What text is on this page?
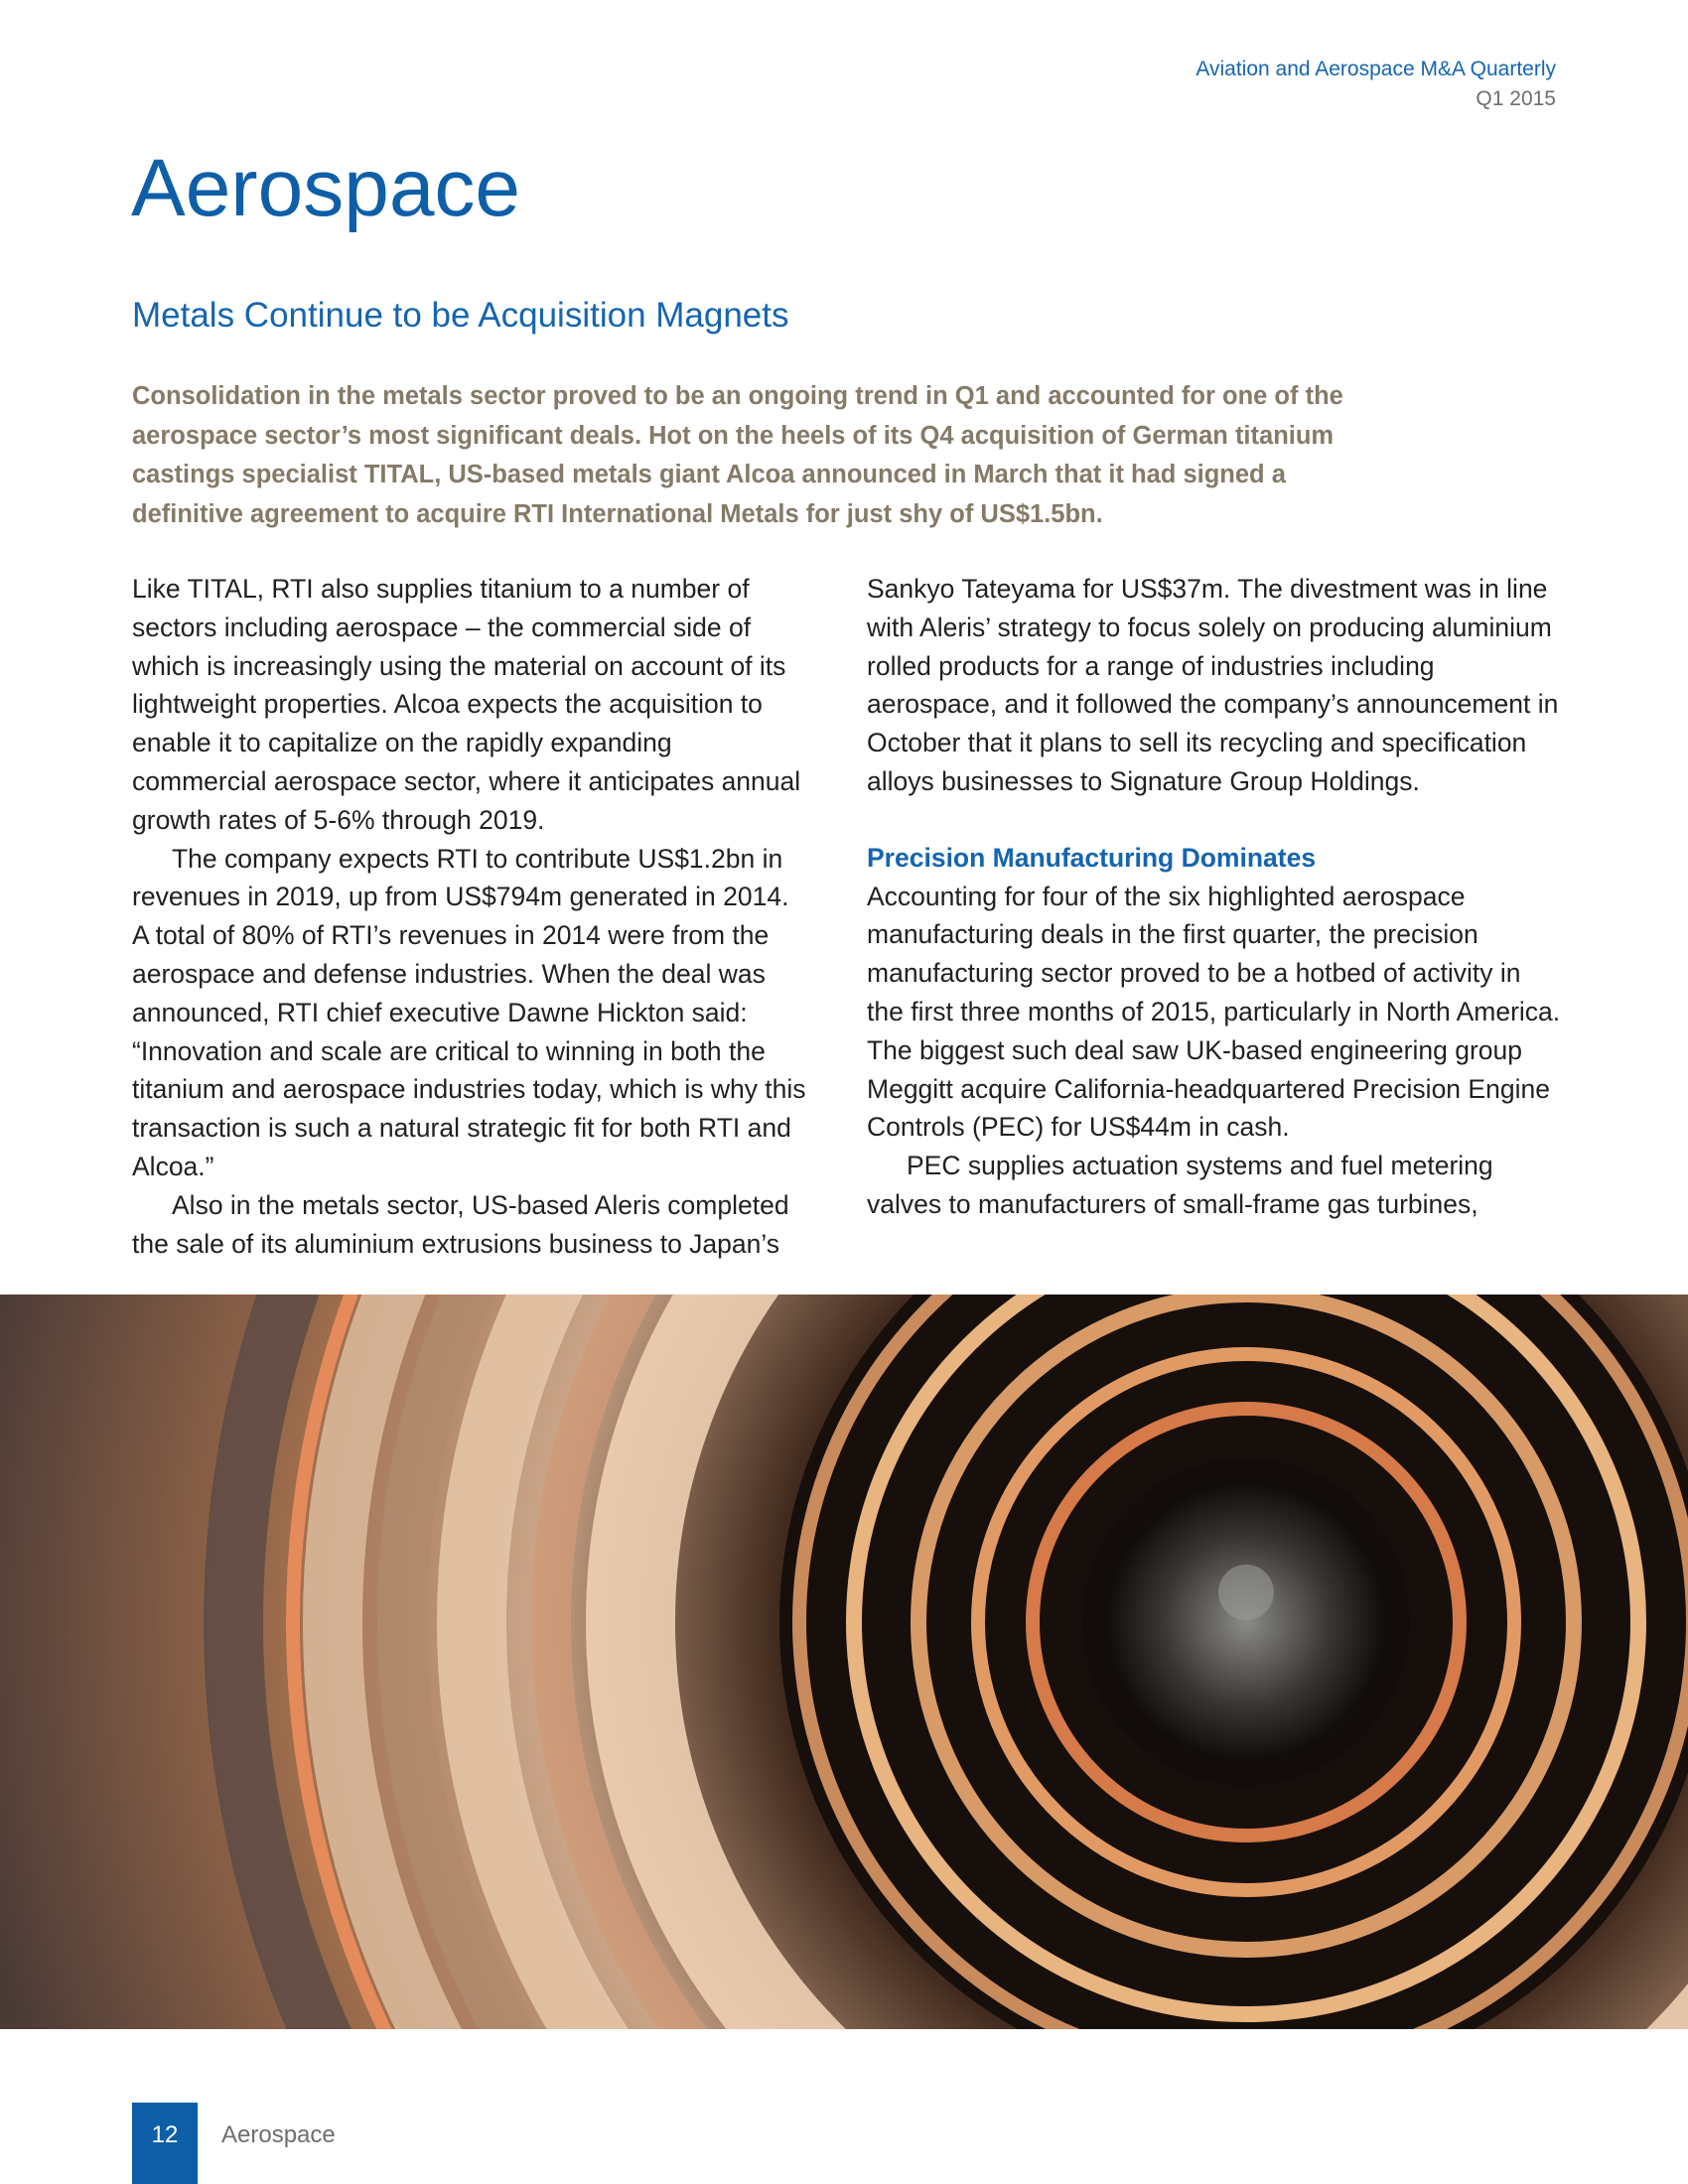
Aviation and Aerospace M&A Quarterly
Q1 2015
Aerospace
Metals Continue to be Acquisition Magnets

Consolidation in the metals sector proved to be an ongoing trend in Q1 and accounted for one of the aerospace sector’s most significant deals. Hot on the heels of its Q4 acquisition of German titanium castings specialist TITAL, US-based metals giant Alcoa announced in March that it had signed a definitive agreement to acquire RTI International Metals for just shy of US$1.5bn.

Like TITAL, RTI also supplies titanium to a number of sectors including aerospace – the commercial side of which is increasingly using the material on account of its lightweight properties. Alcoa expects the acquisition to enable it to capitalize on the rapidly expanding commercial aerospace sector, where it anticipates annual growth rates of 5-6% through 2019.

The company expects RTI to contribute US$1.2bn in revenues in 2019, up from US$794m generated in 2014. A total of 80% of RTI’s revenues in 2014 were from the aerospace and defense industries. When the deal was announced, RTI chief executive Dawne Hickton said: “Innovation and scale are critical to winning in both the titanium and aerospace industries today, which is why this transaction is such a natural strategic fit for both RTI and Alcoa.”

Also in the metals sector, US-based Aleris completed the sale of its aluminium extrusions business to Japan’s

Sankyo Tateyama for US$37m. The divestment was in line with Aleris’ strategy to focus solely on producing aluminium rolled products for a range of industries including aerospace, and it followed the company’s announcement in October that it plans to sell its recycling and specification alloys businesses to Signature Group Holdings.

Precision Manufacturing Dominates

Accounting for four of the six highlighted aerospace manufacturing deals in the first quarter, the precision manufacturing sector proved to be a hotbed of activity in the first three months of 2015, particularly in North America. The biggest such deal saw UK-based engineering group Meggitt acquire California-headquartered Precision Engine Controls (PEC) for US$44m in cash.

PEC supplies actuation systems and fuel metering valves to manufacturers of small-frame gas turbines,

12	Aerospace
